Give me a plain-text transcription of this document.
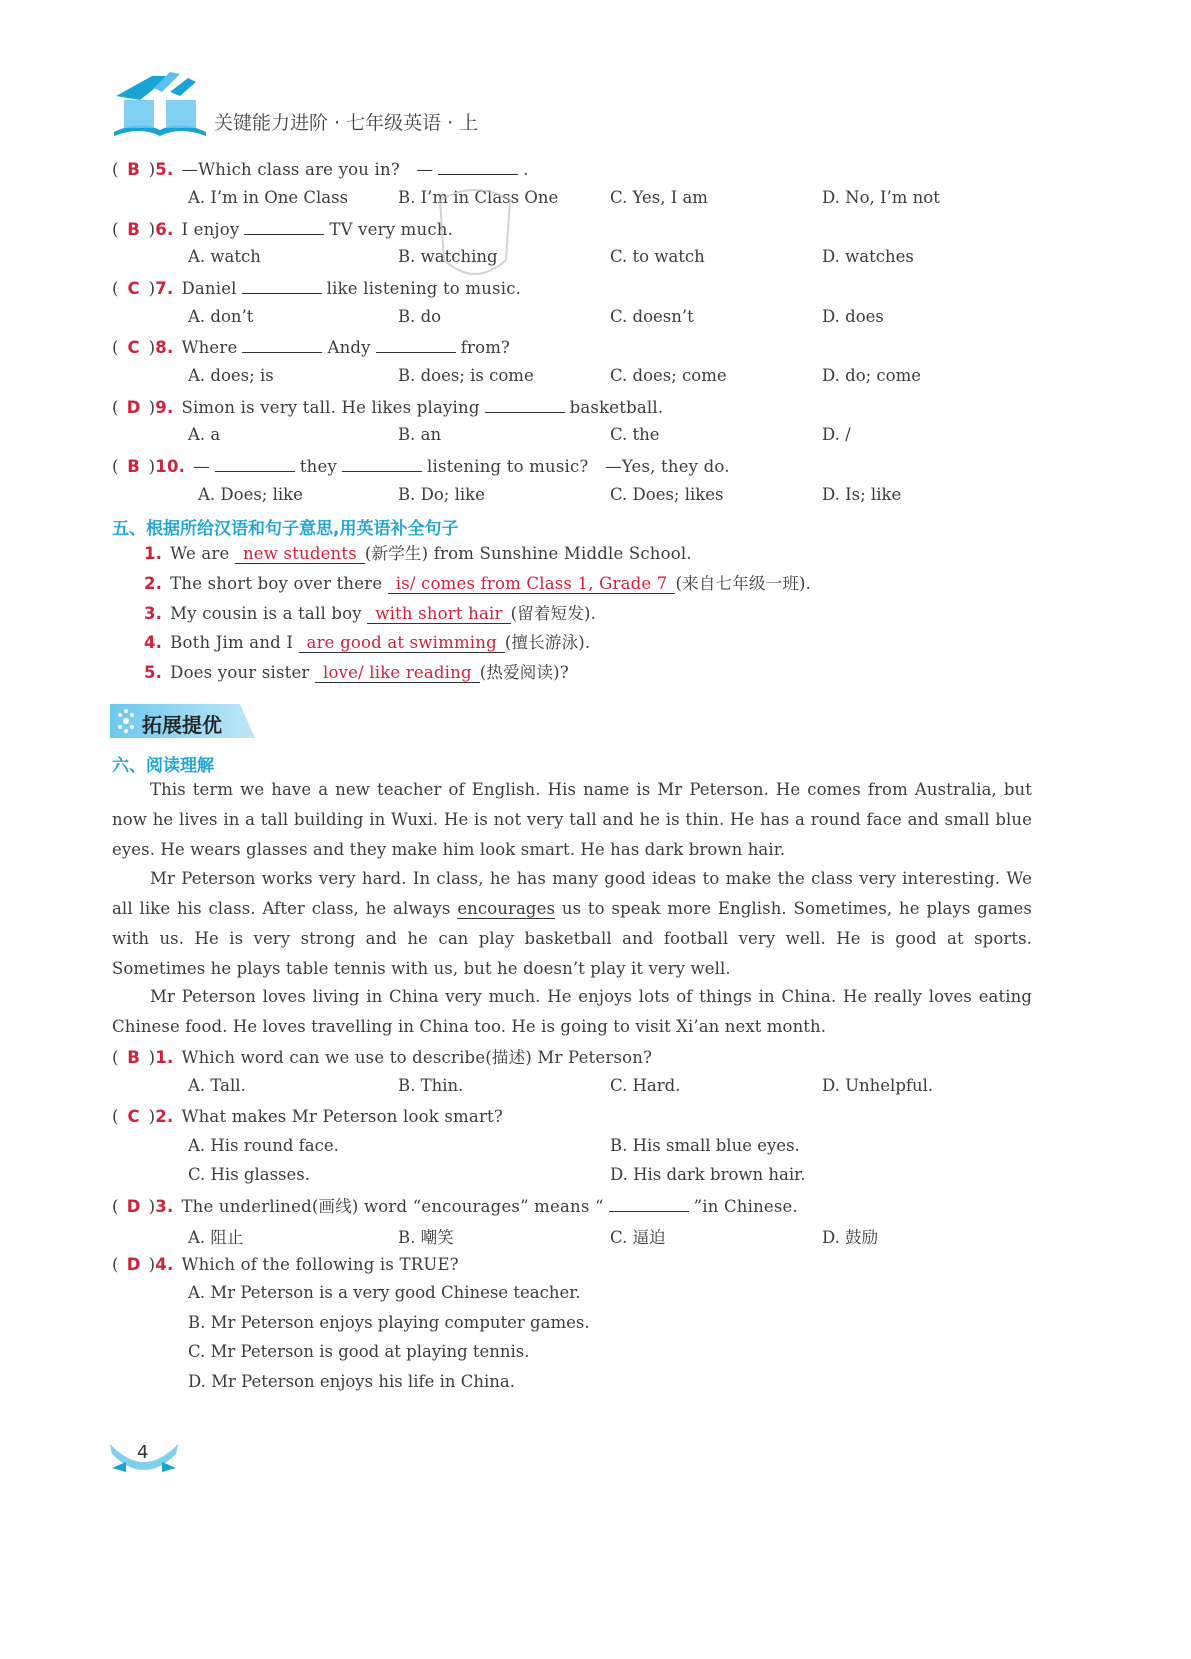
关键能力进阶 · 七年级英语 · 上
( B )5. —Which class are you in?　—	.
A. I’m in One Class	B. I’m in Class One	C. Yes, I am	D. No, I’m not
( B )6. I enjoy	TV very much.
A. watch	B. watching	C. to watch	D. watches
( C )7. Daniel	like listening to music.
A. don’t	B. do	C. doesn’t	D. does
( C )8. Where	Andy	from?
A. does; is	B. does; is come	C. does; come	D. do; come
( D )9. Simon is very tall. He likes playing	basketball.
A. a	B. an	C. the	D. /
( B )10. —	they	listening to music?　—Yes, they do.
A. Does; like	B. Do; like	C. Does; likes	D. Is; like
五、根据所给汉语和句子意思,用英语补全句子
1. We are new students (新学生) from Sunshine Middle School.
2. The short boy over there is/ comes from Class 1, Grade 7 (来自七年级一班).
3. My cousin is a tall boy with short hair (留着短发).
4. Both Jim and I are good at swimming (擅长游泳).
5. Does your sister love/ like reading (热爱阅读)?
拓展提优
六、阅读理解
This term we have a new teacher of English. His name is Mr Peterson. He comes from Australia, but now he lives in a tall building in Wuxi. He is not very tall and he is thin. He has a round face and small blue eyes. He wears glasses and they make him look smart. He has dark brown hair.
Mr Peterson works very hard. In class, he has many good ideas to make the class very interesting. We all like his class. After class, he always encourages us to speak more English. Sometimes, he plays games with us. He is very strong and he can play basketball and football very well. He is good at sports. Sometimes he plays table tennis with us, but he doesn’t play it very well.
Mr Peterson loves living in China very much. He enjoys lots of things in China. He really loves eating Chinese food. He loves travelling in China too. He is going to visit Xi’an next month.
( B )1. Which word can we use to describe(描述) Mr Peterson?
A. Tall.	B. Thin.	C. Hard.	D. Unhelpful.
( C )2. What makes Mr Peterson look smart?
A. His round face.	B. His small blue eyes.
C. His glasses.	D. His dark brown hair.
( D )3. The underlined(画线) word “encourages” means “	”in Chinese.
A. 阻止	B. 嘲笑	C. 逼迫	D. 鼓励
( D )4. Which of the following is TRUE?
A. Mr Peterson is a very good Chinese teacher.
B. Mr Peterson enjoys playing computer games.
C. Mr Peterson is good at playing tennis.
D. Mr Peterson enjoys his life in China.
4
